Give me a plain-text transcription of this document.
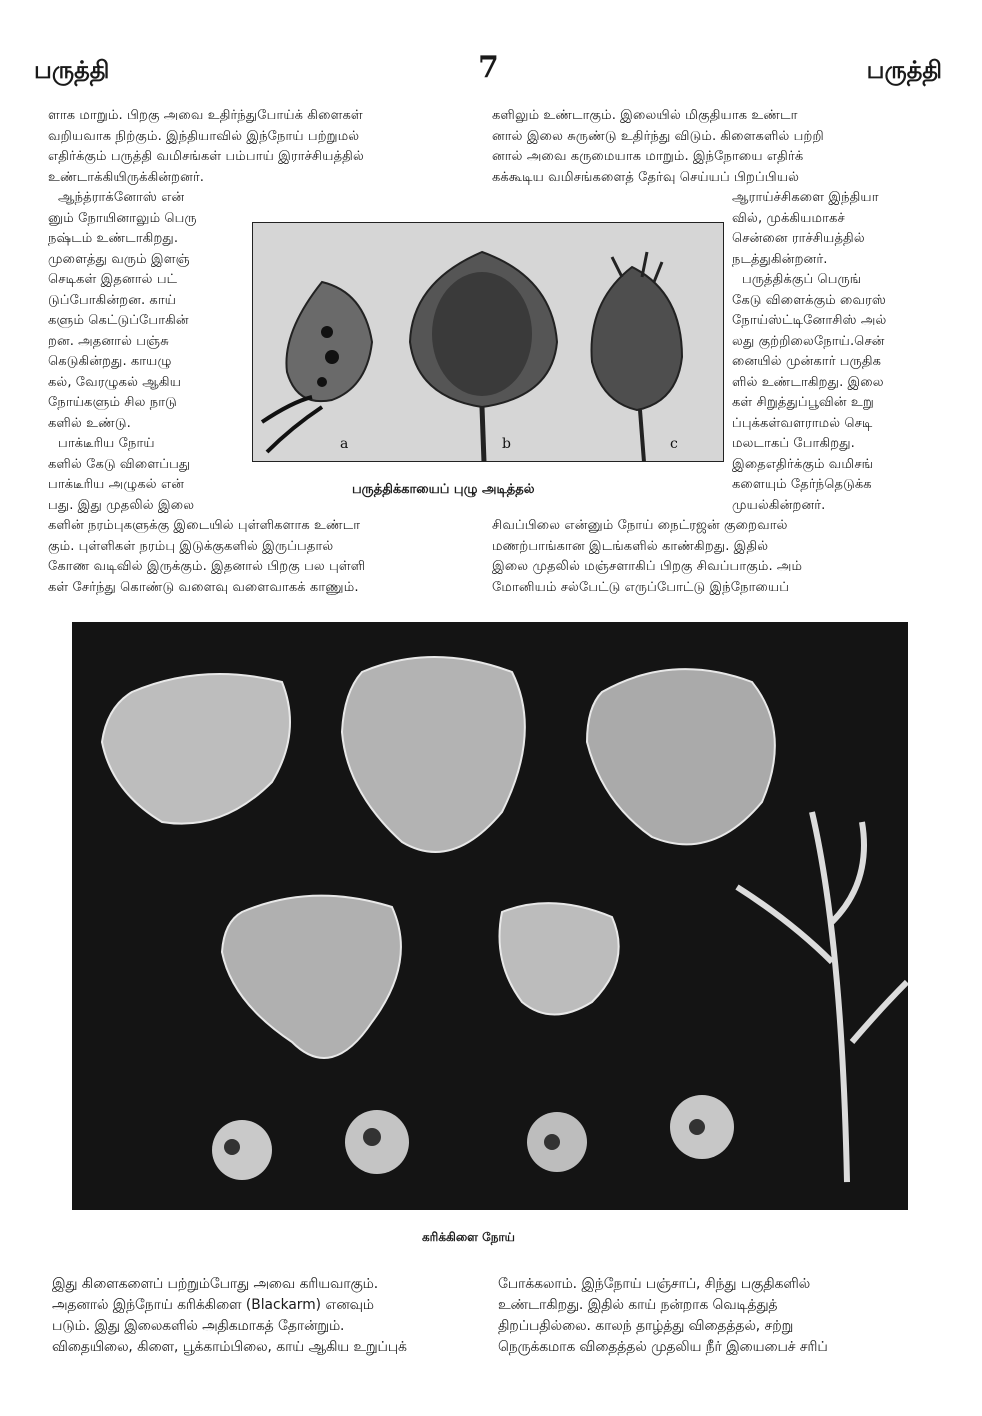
பருத்தி	7	பருத்தி

ளாக மாறும். பிறகு அவை உதிர்ந்துபோய்க் கிளைகள்

வறியவாக நிற்கும். இந்தியாவில் இந்நோய் பற்றுமல்

எதிர்க்கும் பருத்தி வமிசங்கள் பம்பாய் இராச்சியத்தில்

உண்டாக்கியிருக்கின்றனர்.

ஆந்த்ராக்னோஸ் என்

னும் நோயினாலும் பெரு

நஷ்டம் உண்டாகிறது.

முளைத்து வரும் இளஞ்

செடிகள் இதனால் பட்

டுப்போகின்றன. காய்

களும் கெட்டுப்போகின்

றன. அதனால் பஞ்சு

கெடுகின்றது. காயழு

கல், வேரழுகல் ஆகிய

நோய்களும் சில நாடு

களில் உண்டு.

பாக்டீரிய நோய்

களில் கேடு விளைப்பது

பாக்டீரிய அழுகல் என்

பது. இது முதலில் இலை

களின் நரம்புகளுக்கு இடையில் புள்ளிகளாக உண்டா

கும். புள்ளிகள் நரம்பு இடுக்குகளில் இருப்பதால்

கோண வடிவில் இருக்கும். இதனால் பிறகு பல புள்ளி

கள் சேர்ந்து கொண்டு வளைவு வளைவாகக் காணும்.

களிலும் உண்டாகும். இலையில் மிகுதியாக உண்டா

னால் இலை சுருண்டு உதிர்ந்து விடும். கிளைகளில் பற்றி

னால் அவை கருமையாக மாறும். இந்நோயை எதிர்க்

கக்கூடிய வமிசங்களைத் தேர்வு செய்யப் பிறப்பியல்

ஆராய்ச்சிகளை இந்தியா

வில், முக்கியமாகச்

சென்னை ராச்சியத்தில்

நடத்துகின்றனர்.

பருத்திக்குப் பெருங்

கேடு விளைக்கும் வைரஸ்

நோய்ஸ்ட்டினோசிஸ் அல்

லது குற்றிலைநோய்.சென்

னையில் முன்கார் பருதிக

ளில் உண்டாகிறது. இலை

கள் சிறுத்துப்பூவின் உறு

ப்புக்கள்வளராமல் செடி

மலடாகப் போகிறது.

இதைஎதிர்க்கும் வமிசங்

களையும் தேர்ந்தெடுக்க

முயல்கின்றனர்.

சிவப்பிலை என்னும் நோய் நைட்ரஜன் குறைவால்

மணற்பாங்கான இடங்களில் காண்கிறது. இதில்

இலை முதலில் மஞ்சளாகிப் பிறகு சிவப்பாகும். அம்

மோனியம் சல்பேட்டு எருப்போட்டு இந்நோயைப்

a	b	c
பருத்திக்காயைப் புழு அடித்தல்
கரிக்கிளை நோய்

இது கிளைகளைப் பற்றும்போது அவை கரியவாகும்.

அதனால் இந்நோய் கரிக்கிளை (Blackarm) எனவும்

படும். இது இலைகளில் அதிகமாகத் தோன்றும்.

விதையிலை, கிளை, பூக்காம்பிலை, காய் ஆகிய உறுப்புக்

போக்கலாம். இந்நோய் பஞ்சாப், சிந்து பகுதிகளில்

உண்டாகிறது. இதில் காய் நன்றாக வெடித்துத்

திறப்பதில்லை. காலந் தாழ்த்து விதைத்தல், சற்று

நெருக்கமாக விதைத்தல் முதலிய நீர் இயைபைச் சரிப்
